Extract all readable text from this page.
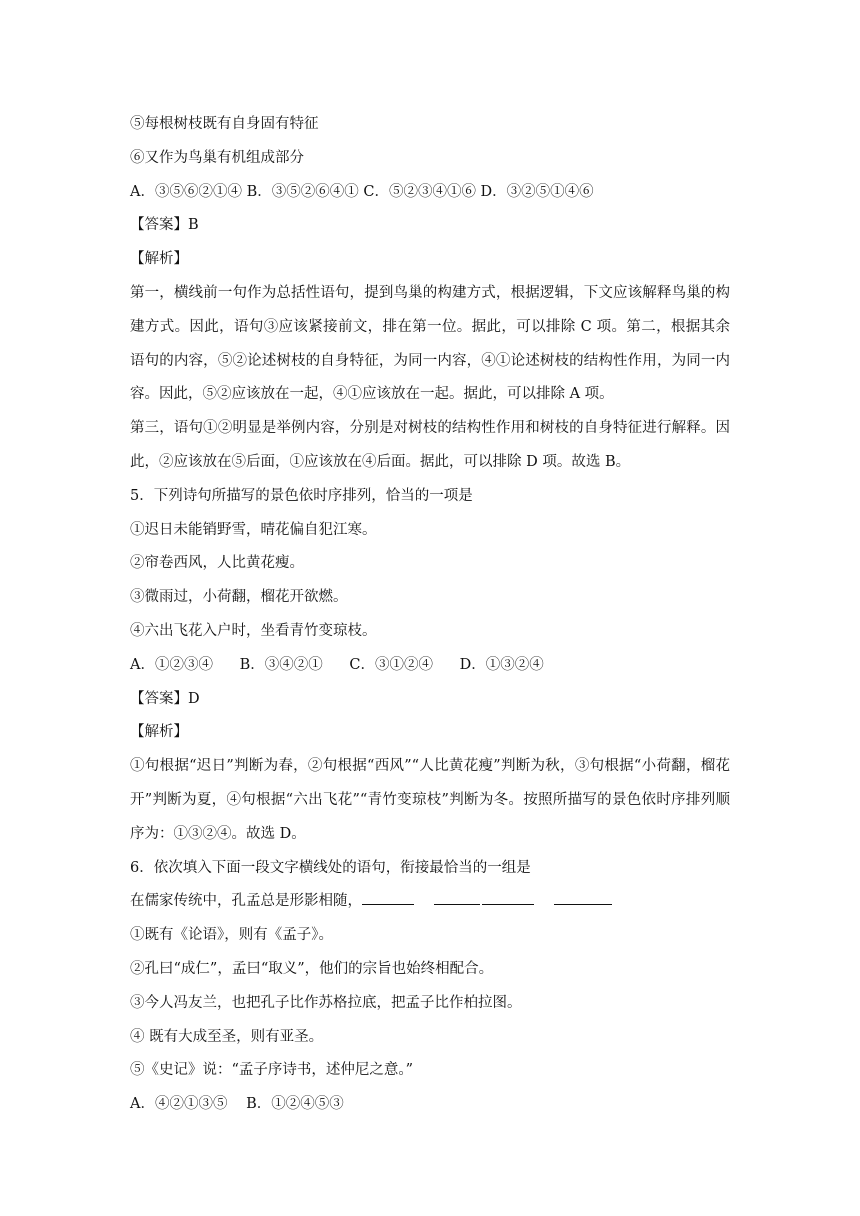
⑤每根树枝既有自身固有特征
⑥又作为鸟巢有机组成部分
A．③⑤⑥②①④ B．③⑤②⑥④① C．⑤②③④①⑥ D．③②⑤①④⑥
【答案】B
【解析】

第一，横线前一句作为总括性语句，提到鸟巢的构建方式，根据逻辑，下文应该解释鸟巢的构建方式。因此，语句③应该紧接前文，排在第一位。据此，可以排除 C 项。第二，根据其余语句的内容，⑤②论述树枝的自身特征，为同一内容，④①论述树枝的结构性作用，为同一内容。因此，⑤②应该放在一起，④①应该放在一起。据此，可以排除 A 项。

第三，语句①②明显是举例内容，分别是对树枝的结构性作用和树枝的自身特征进行解释。因此，②应该放在⑤后面，①应该放在④后面。据此，可以排除 D 项。故选 B。

5．下列诗句所描写的景色依时序排列，恰当的一项是
①迟日未能销野雪，晴花偏自犯江寒。
②帘卷西风，人比黄花瘦。
③微雨过，小荷翻，榴花开欲燃。
④六出飞花入户时，坐看青竹变琼枝。
A．①②③④ B．③④②① C．③①②④ D．①③②④
【答案】D
【解析】

①句根据“迟日”判断为春，②句根据“西风”“人比黄花瘦”判断为秋，③句根据“小荷翻，榴花开”判断为夏，④句根据“六出飞花”“青竹变琼枝”判断为冬。按照所描写的景色依时序排列顺序为：①③②④。故选 D。

6．依次填入下面一段文字横线处的语句，衔接最恰当的一组是
在儒家传统中，孔孟总是形影相随，
①既有《论语》，则有《孟子》。
②孔曰“成仁”，孟曰“取义”，他们的宗旨也始终相配合。
③今人冯友兰，也把孔子比作苏格拉底，把孟子比作柏拉图。
④ 既有大成至圣，则有亚圣。
⑤《史记》说：“孟子序诗书，述仲尼之意。”
A．④②①③⑤ B．①②④⑤③
